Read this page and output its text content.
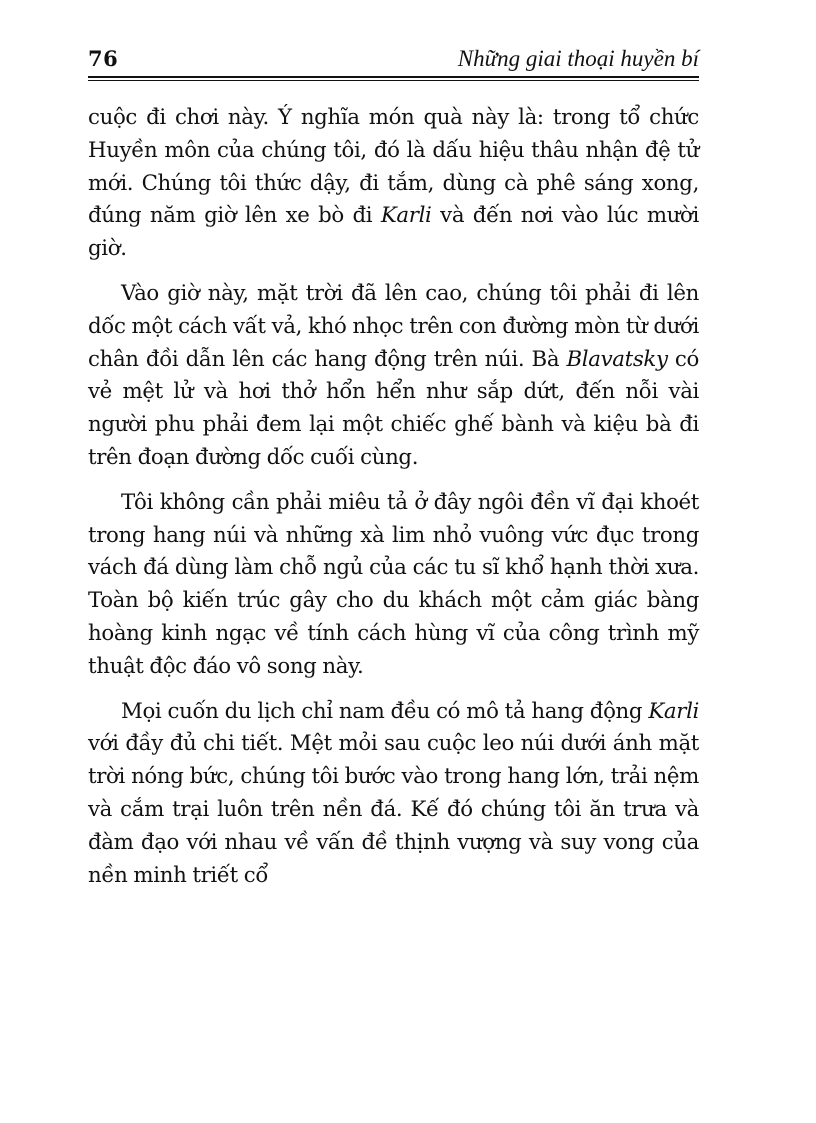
76	Những giai thoại huyền bí

cuộc đi chơi này. Ý nghĩa món quà này là: trong tổ chức Huyền môn của chúng tôi, đó là dấu hiệu thâu nhận đệ tử mới. Chúng tôi thức dậy, đi tắm, dùng cà phê sáng xong, đúng năm giờ lên xe bò đi Karli và đến nơi vào lúc mười giờ.

Vào giờ này, mặt trời đã lên cao, chúng tôi phải đi lên dốc một cách vất vả, khó nhọc trên con đường mòn từ dưới chân đồi dẫn lên các hang động trên núi. Bà Blavatsky có vẻ mệt lử và hơi thở hổn hển như sắp dứt, đến nỗi vài người phu phải đem lại một chiếc ghế bành và kiệu bà đi trên đoạn đường dốc cuối cùng.

Tôi không cần phải miêu tả ở đây ngôi đền vĩ đại khoét trong hang núi và những xà lim nhỏ vuông vức đục trong vách đá dùng làm chỗ ngủ của các tu sĩ khổ hạnh thời xưa. Toàn bộ kiến trúc gây cho du khách một cảm giác bàng hoàng kinh ngạc về tính cách hùng vĩ của công trình mỹ thuật độc đáo vô song này.

Mọi cuốn du lịch chỉ nam đều có mô tả hang động Karli với đầy đủ chi tiết. Mệt mỏi sau cuộc leo núi dưới ánh mặt trời nóng bức, chúng tôi bước vào trong hang lớn, trải nệm và cắm trại luôn trên nền đá. Kế đó chúng tôi ăn trưa và đàm đạo với nhau về vấn đề thịnh vượng và suy vong của nền minh triết cổ
